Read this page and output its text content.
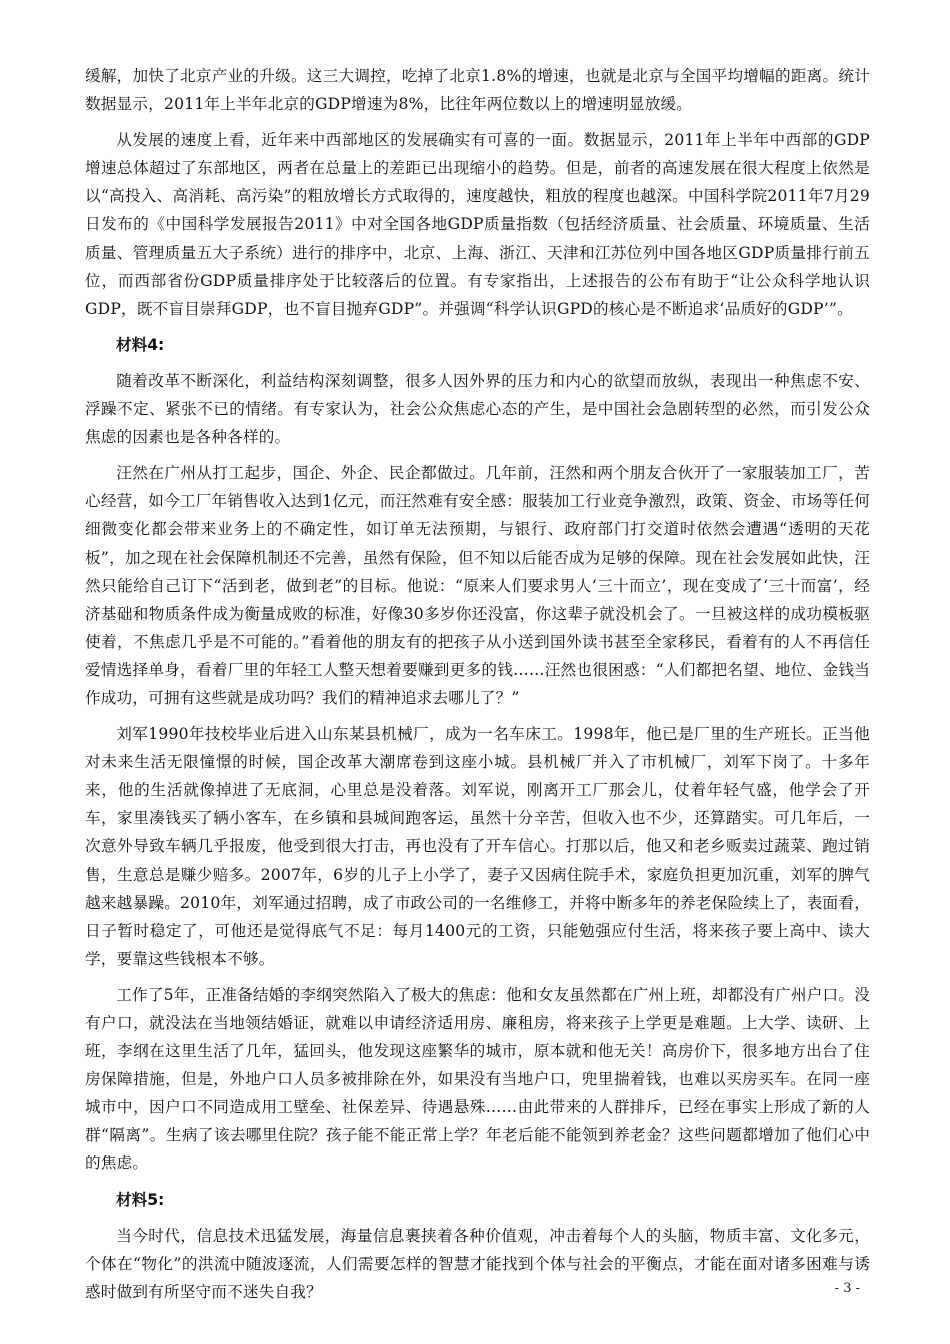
缓解，加快了北京产业的升级。这三大调控，吃掉了北京1.8%的增速，也就是北京与全国平均增幅的距离。统计数据显示，2011年上半年北京的GDP增速为8%，比往年两位数以上的增速明显放缓。

从发展的速度上看，近年来中西部地区的发展确实有可喜的一面。数据显示，2011年上半年中西部的GDP增速总体超过了东部地区，两者在总量上的差距已出现缩小的趋势。但是，前者的高速发展在很大程度上依然是以“高投入、高消耗、高污染”的粗放增长方式取得的，速度越快，粗放的程度也越深。中国科学院2011年7月29日发布的《中国科学发展报告2011》中对全国各地GDP质量指数（包括经济质量、社会质量、环境质量、生活质量、管理质量五大子系统）进行的排序中，北京、上海、浙江、天津和江苏位列中国各地区GDP质量排行前五位，而西部省份GDP质量排序处于比较落后的位置。有专家指出，上述报告的公布有助于“让公众科学地认识GDP，既不盲目崇拜GDP，也不盲目抛弃GDP”。并强调“科学认识GPD的核心是不断追求‘品质好的GDP’”。

材料4:

随着改革不断深化，利益结构深刻调整，很多人因外界的压力和内心的欲望而放纵，表现出一种焦虑不安、浮躁不定、紧张不已的情绪。有专家认为，社会公众焦虑心态的产生，是中国社会急剧转型的必然，而引发公众焦虑的因素也是各种各样的。

汪然在广州从打工起步，国企、外企、民企都做过。几年前，汪然和两个朋友合伙开了一家服装加工厂，苦心经营，如今工厂年销售收入达到1亿元，而汪然难有安全感：服装加工行业竞争激烈，政策、资金、市场等任何细微变化都会带来业务上的不确定性，如订单无法预期，与银行、政府部门打交道时依然会遭遇“透明的天花板”，加之现在社会保障机制还不完善，虽然有保险，但不知以后能否成为足够的保障。现在社会发展如此快，汪然只能给自己订下“活到老，做到老”的目标。他说：“原来人们要求男人‘三十而立’，现在变成了‘三十而富’，经济基础和物质条件成为衡量成败的标准，好像30多岁你还没富，你这辈子就没机会了。一旦被这样的成功模板驱使着，不焦虑几乎是不可能的。”看着他的朋友有的把孩子从小送到国外读书甚至全家移民，看着有的人不再信任爱情选择单身，看着厂里的年轻工人整天想着要赚到更多的钱……汪然也很困惑：“人们都把名望、地位、金钱当作成功，可拥有这些就是成功吗？我们的精神追求去哪儿了？”

刘军1990年技校毕业后进入山东某县机械厂，成为一名车床工。1998年，他已是厂里的生产班长。正当他对未来生活无限憧憬的时候，国企改革大潮席卷到这座小城。县机械厂并入了市机械厂，刘军下岗了。十多年来，他的生活就像掉进了无底洞，心里总是没着落。刘军说，刚离开工厂那会儿，仗着年轻气盛，他学会了开车，家里凑钱买了辆小客车，在乡镇和县城间跑客运，虽然十分辛苦，但收入也不少，还算踏实。可几年后，一次意外导致车辆几乎报废，他受到很大打击，再也没有了开车信心。打那以后，他又和老乡贩卖过蔬菜、跑过销售，生意总是赚少赔多。2007年，6岁的儿子上小学了，妻子又因病住院手术，家庭负担更加沉重，刘军的脾气越来越暴躁。2010年，刘军通过招聘，成了市政公司的一名维修工，并将中断多年的养老保险续上了，表面看，日子暂时稳定了，可他还是觉得底气不足：每月1400元的工资，只能勉强应付生活，将来孩子要上高中、读大学，要靠这些钱根本不够。

工作了5年，正准备结婚的李纲突然陷入了极大的焦虑：他和女友虽然都在广州上班，却都没有广州户口。没有户口，就没法在当地领结婚证，就难以申请经济适用房、廉租房，将来孩子上学更是难题。上大学、读研、上班，李纲在这里生活了几年，猛回头，他发现这座繁华的城市，原本就和他无关！高房价下，很多地方出台了住房保障措施，但是，外地户口人员多被排除在外，如果没有当地户口，兜里揣着钱，也难以买房买车。在同一座城市中，因户口不同造成用工壁垒、社保差异、待遇悬殊……由此带来的人群排斥，已经在事实上形成了新的人群“隔离”。生病了该去哪里住院？孩子能不能正常上学？年老后能不能领到养老金？这些问题都增加了他们心中的焦虑。

材料5:

当今时代，信息技术迅猛发展，海量信息裹挟着各种价值观，冲击着每个人的头脑，物质丰富、文化多元，个体在“物化”的洪流中随波逐流，人们需要怎样的智慧才能找到个体与社会的平衡点，才能在面对诸多困难与诱惑时做到有所坚守而不迷失自我？	- 3 -
